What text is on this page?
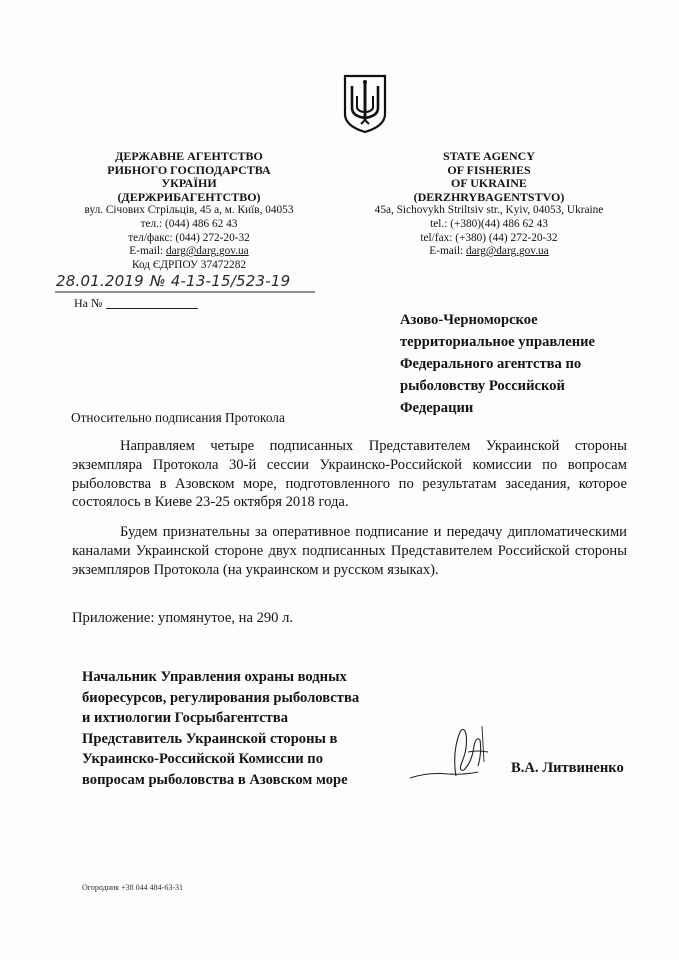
ДЕРЖАВНЕ АГЕНТСТВО
РИБНОГО ГОСПОДАРСТВА
УКРАЇНИ
(ДЕРЖРИБАГЕНТСТВО)
вул. Січових Стрільців, 45 а, м. Київ, 04053
тел.: (044) 486 62 43
тел/факс: (044) 272-20-32
E-mail: darg@darg.gov.ua
Код ЄДРПОУ 37472282
STATE AGENCY
OF FISHERIES
OF UKRAINE
(DERZHRYBAGENTSTVO)
45a, Sichovykh Striltsiv str., Kyiv, 04053, Ukraine
tel.: (+380)(44) 486 62 43
tel/fax: (+380) (44) 272-20-32
E-mail: darg@darg.gov.ua
28.01.2019 № 4-13-15/523-19
На №
Азово-Черноморское
территориальное управление
Федерального агентства по
рыболовству Российской
Федерации
Относительно подписания Протокола
Направляем четыре подписанных Представителем Украинской стороны экземпляра Протокола 30-й сессии Украинско-Российской комиссии по вопросам рыболовства в Азовском море, подготовленного по результатам заседания, которое состоялось в Киеве 23-25 октября 2018 года.
Будем признательны за оперативное подписание и передачу дипломатическими каналами Украинской стороне двух подписанных Представителем Российской стороны экземпляров Протокола (на украинском и русском языках).
Приложение: упомянутое, на 290 л.
Начальник Управления охраны водных
биоресурсов, регулирования рыболовства
и ихтиологии Госрыбагентства
Представитель Украинской стороны в
Украинско-Российской Комиссии по
вопросам рыболовства в Азовском море
В.А. Литвиненко
Огородник +38 044 484-63-31
